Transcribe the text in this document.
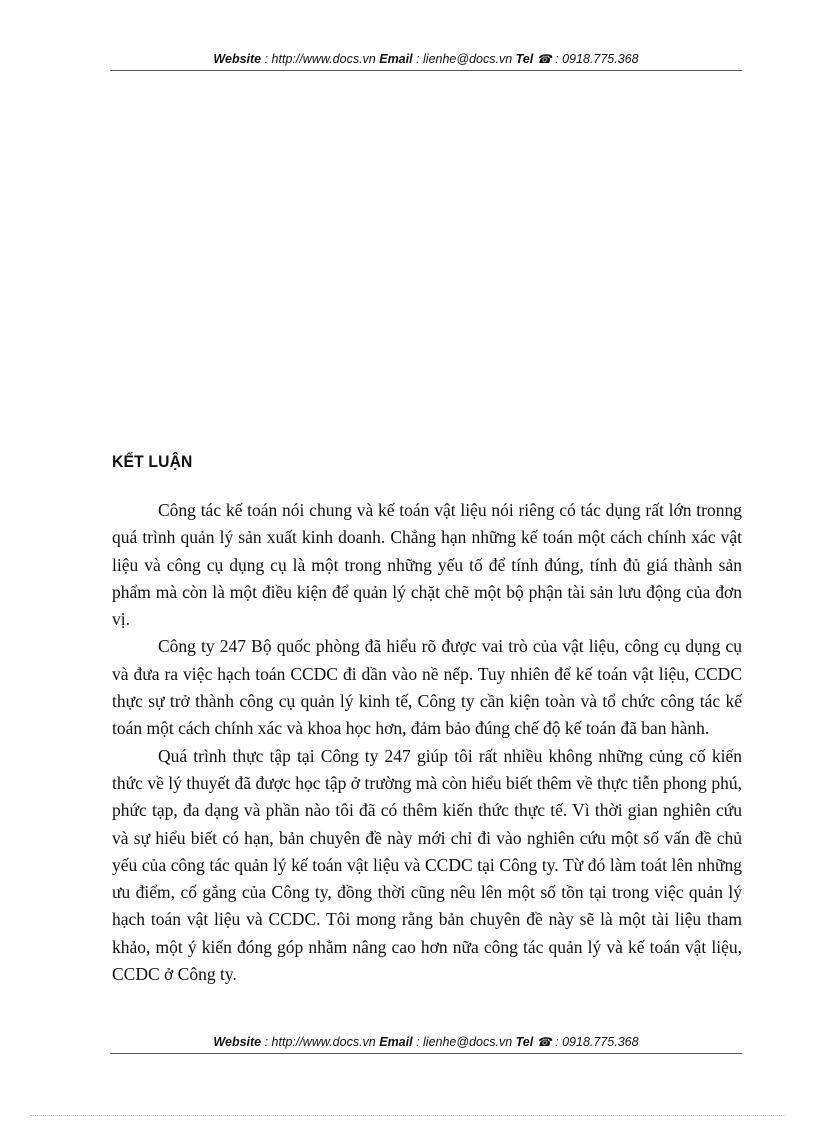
Website : http://www.docs.vn Email : lienhe@docs.vn Tel ☎ : 0918.775.368
KẾT LUẬN

Công tác kế toán nói chung và kế toán vật liệu nói riêng có tác dụng rất lớn tronng quá trình quản lý sản xuất kinh doanh. Chẳng hạn những kế toán một cách chính xác vật liệu và công cụ dụng cụ là một trong những yếu tố để tính đúng, tính đủ giá thành sản phẩm mà còn là một điều kiện để quản lý chặt chẽ một bộ phận tài sản lưu động của đơn vị.

Công ty 247 Bộ quốc phòng đã hiểu rõ được vai trò của vật liệu, công cụ dụng cụ và đưa ra việc hạch toán CCDC đi dần vào nề nếp. Tuy nhiên để kế toán vật liệu, CCDC thực sự trở thành công cụ quản lý kinh tế, Công ty cần kiện toàn và tổ chức công tác kế toán một cách chính xác và khoa học hơn, đảm bảo đúng chế độ kế toán đã ban hành.

Quá trình thực tập tại Công ty 247 giúp tôi rất nhiều không những củng cố kiến thức về lý thuyết đã được học tập ở trường mà còn hiểu biết thêm về thực tiễn phong phú, phức tạp, đa dạng và phần nào tôi đã có thêm kiến thức thực tế. Vì thời gian nghiên cứu và sự hiểu biết có hạn, bản chuyên đề này mới chỉ đi vào nghiên cứu một số vấn đề chủ yếu của công tác quản lý kế toán vật liệu và CCDC tại Công ty. Từ đó làm toát lên những ưu điểm, cố gắng của Công ty, đồng thời cũng nêu lên một số tồn tại trong việc quản lý hạch toán vật liệu và CCDC. Tôi mong rằng bản chuyên đề này sẽ là một tài liệu tham khảo, một ý kiến đóng góp nhằm nâng cao hơn nữa công tác quản lý và kế toán vật liệu, CCDC ở Công ty.

Website : http://www.docs.vn Email : lienhe@docs.vn Tel ☎ : 0918.775.368
